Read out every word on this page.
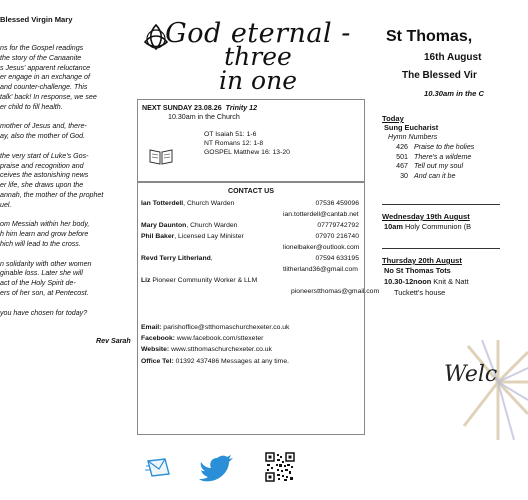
Blessed Virgin Mary
ns for the Gospel readings
the story of the Canaanite
s Jesus' apparent reluctance
er engage in an exchange of
and counter-challenge. This
talk' back! In response, we see
er child to fill health.
mother of Jesus and, there-
ay, also the mother of God.
the very start of Luke's Gos-
praise and recognition and
ceives the astonishing news
er life, she draws upon the
annah, the mother of the prophet
uel.
om Messiah within her body,
h him learn and grow before
hich will lead to the cross.
n solidarity with other women
ginable loss. Later she will
act of the Holy Spirit de-
ers of her son, at Pentecost.
you have chosen for today?
Rev Sarah
God eternal -
three
in one
NEXT SUNDAY 23.08.26 Trinity 12
10.30am in the Church
OT Isaiah 51: 1-6
NT Romans 12: 1-8
GOSPEL Matthew 16: 13-20
CONTACT US
Ian Totterdell, Church Warden	07536 459096
ian.totterdell@cantab.net
Mary Daunton, Church Warden	07779742792
Phil Baker, Licensed Lay Minister	07970 216740
lionelbaker@outlook.com
Revd Terry Litherland,	07594 633195
tlitherland36@gmail.com
Liz Pioneer Community Worker & LLM
pioneerstthomas@gmail.com
Email: parishoffice@stthomaschurchexeter.co.uk
Facebook: www.facebook.com/sttexeter
Website: www.stthomaschurchexeter.co.uk
Office Tel: 01392 437486 Messages at any time.
St Thomas,
16th August
The Blessed Vir
10.30am in the C
Today
Sung Eucharist
Hymn Numbers
426 Praise to the holies
501 There's a wildeme
467 Tell out my soul
30 And can it be
Wednesday 19th August
10am Holy Communion (B
Thursday 20th August
No St Thomas Tots
10.30-12noon Knit & Natt
Tuckett's house
Welc
